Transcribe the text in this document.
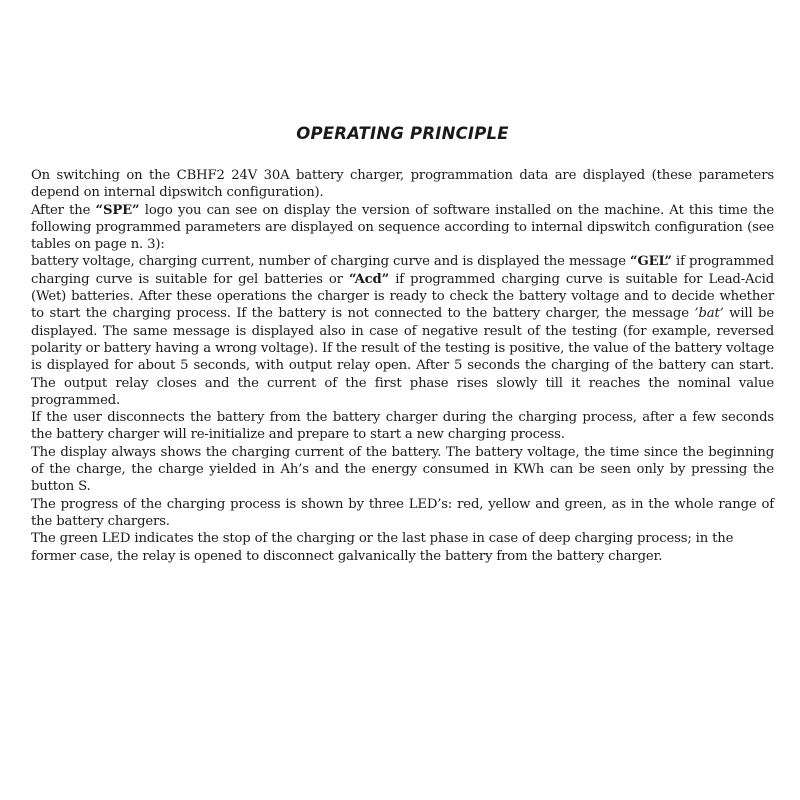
OPERATING PRINCIPLE

On switching on the CBHF2 24V 30A battery charger, programmation data are displayed (these parameters depend on internal dipswitch configuration).

After the “SPE” logo you can see on display the version of software installed on the machine. At this time the following programmed parameters are displayed on sequence according to internal dipswitch configuration (see tables on page n. 3):

battery voltage, charging current, number of charging curve and is displayed the message “GEL” if programmed charging curve is suitable for gel batteries or “Acd” if programmed charging curve is suitable for Lead-Acid (Wet) batteries. After these operations the charger is ready to check the battery voltage and to decide whether to start the charging process. If the battery is not connected to the battery charger, the message ’bat’ will be displayed. The same message is displayed also in case of negative result of the testing (for example, reversed polarity or battery having a wrong voltage). If the result of the testing is positive, the value of the battery voltage is displayed for about 5 seconds, with output relay open. After 5 seconds the charging of the battery can start. The output relay closes and the current of the first phase rises slowly till it reaches the nominal value programmed.

If the user disconnects the battery from the battery charger during the charging process, after a few seconds the battery charger will re-initialize and prepare to start a new charging process.

The display always shows the charging current of the battery. The battery voltage, the time since the beginning of the charge, the charge yielded in Ah’s and the energy consumed in KWh can be seen only by pressing the button S.

The progress of the charging process is shown by three LED’s: red, yellow and green, as in the whole range of the battery chargers.

The green LED indicates the stop of the charging or the last phase in case of deep charging process; in the former case, the relay is opened to disconnect galvanically the battery from the battery charger.
